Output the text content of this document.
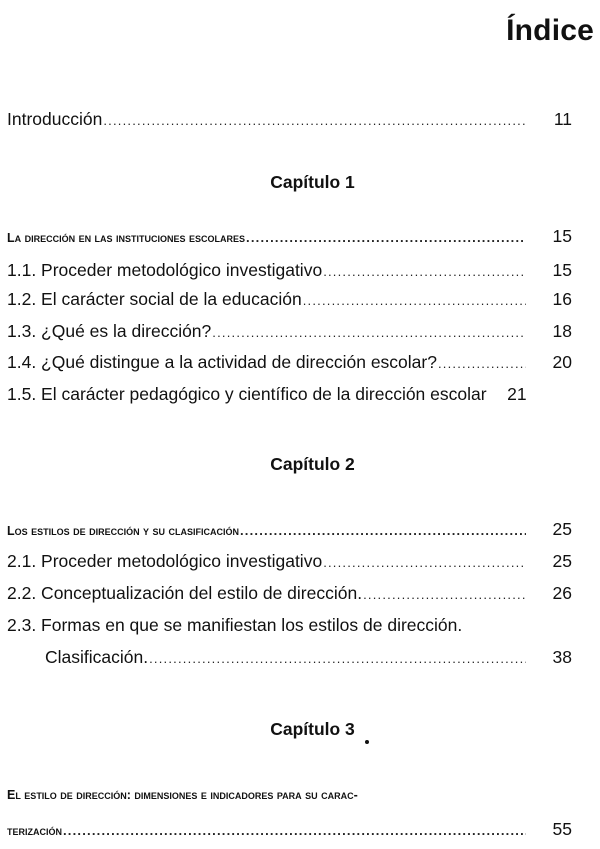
Índice
Introducción .....	11
Capítulo 1
La dirección en las instituciones escolares .....	15
1.1. Proceder metodológico investigativo .....	15
1.2. El carácter social de la educación .....	16
1.3. ¿Qué es la dirección? .....	18
1.4. ¿Qué distingue a la actividad de dirección escolar? .....	20
1.5. El carácter pedagógico y científico de la dirección escolar	21
Capítulo 2
Los estilos de dirección y su clasificación .....	25
2.1. Proceder metodológico investigativo .....	25
2.2. Conceptualización del estilo de dirección. .....	26
2.3. Formas en que se manifiestan los estilos de dirección.
Clasificación. .....	38
Capítulo 3
El estilo de dirección: dimensiones e indicadores para su carac-
terización .....	55
